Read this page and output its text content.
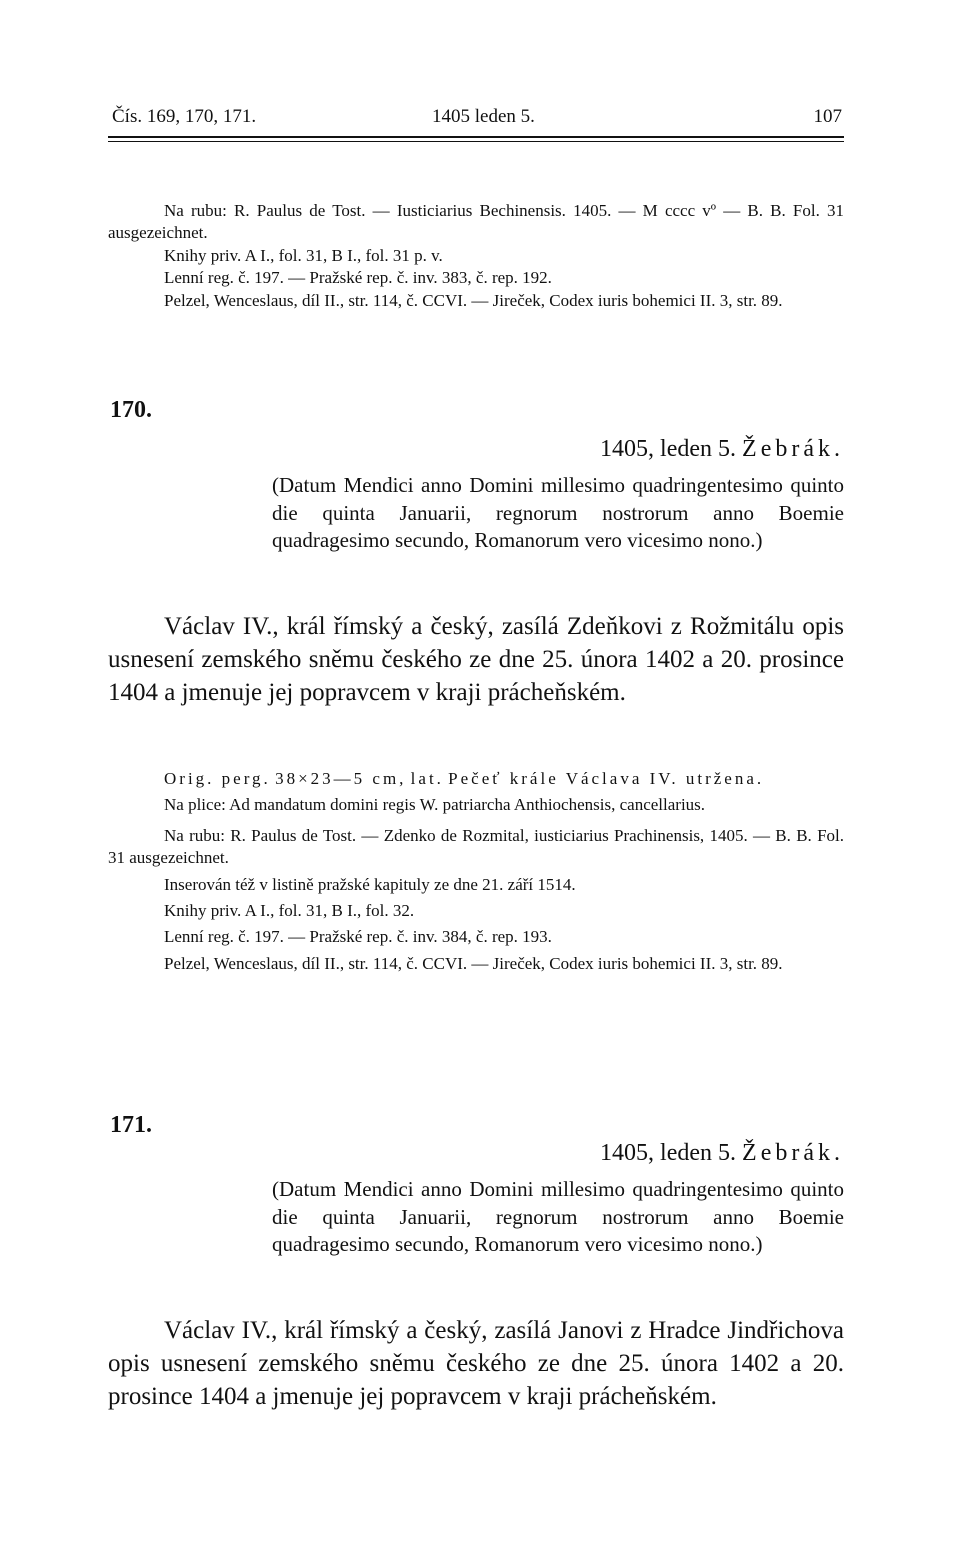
Čís. 169, 170, 171.	1405 leden 5.	107

Na rubu: R. Paulus de Tost. — Iusticiarius Bechinensis. 1405. — M cccc vº — B. B. Fol. 31 ausgezeichnet.

Knihy priv. A I., fol. 31, B I., fol. 31 p. v.

Lenní reg. č. 197. — Pražské rep. č. inv. 383, č. rep. 192.

Pelzel, Wenceslaus, díl II., str. 114, č. CCVI. — Jireček, Codex iuris bohemici II. 3, str. 89.

170.
1405, leden 5. Žebrák.

(Datum Mendici anno Domini millesimo quadringentesimo quinto die quinta Januarii, regnorum nostrorum anno Boemie quadragesimo secundo, Romanorum vero vicesimo nono.)

Václav IV., král římský a český, zasílá Zdeňkovi z Rožmitálu opis usnesení zemského sněmu českého ze dne 25. února 1402 a 20. prosince 1404 a jmenuje jej popravcem v kraji prácheňském.

Orig. perg. 38×23—5 cm, lat. Pečeť krále Václava IV. utržena.

Na plice: Ad mandatum domini regis W. patriarcha Anthiochensis, cancellarius.

Na rubu: R. Paulus de Tost. — Zdenko de Rozmital, iusticiarius Prachinensis, 1405. — B. B. Fol. 31 ausgezeichnet.

Inserován též v listině pražské kapituly ze dne 21. září 1514.

Knihy priv. A I., fol. 31, B I., fol. 32.

Lenní reg. č. 197. — Pražské rep. č. inv. 384, č. rep. 193.

Pelzel, Wenceslaus, díl II., str. 114, č. CCVI. — Jireček, Codex iuris bohemici II. 3, str. 89.

171.
1405, leden 5. Žebrák.

(Datum Mendici anno Domini millesimo quadringentesimo quinto die quinta Januarii, regnorum nostrorum anno Boemie quadragesimo secundo, Romanorum vero vicesimo nono.)

Václav IV., král římský a český, zasílá Janovi z Hradce Jindřichova opis usnesení zemského sněmu českého ze dne 25. února 1402 a 20. prosince 1404 a jmenuje jej popravcem v kraji prácheňském.
